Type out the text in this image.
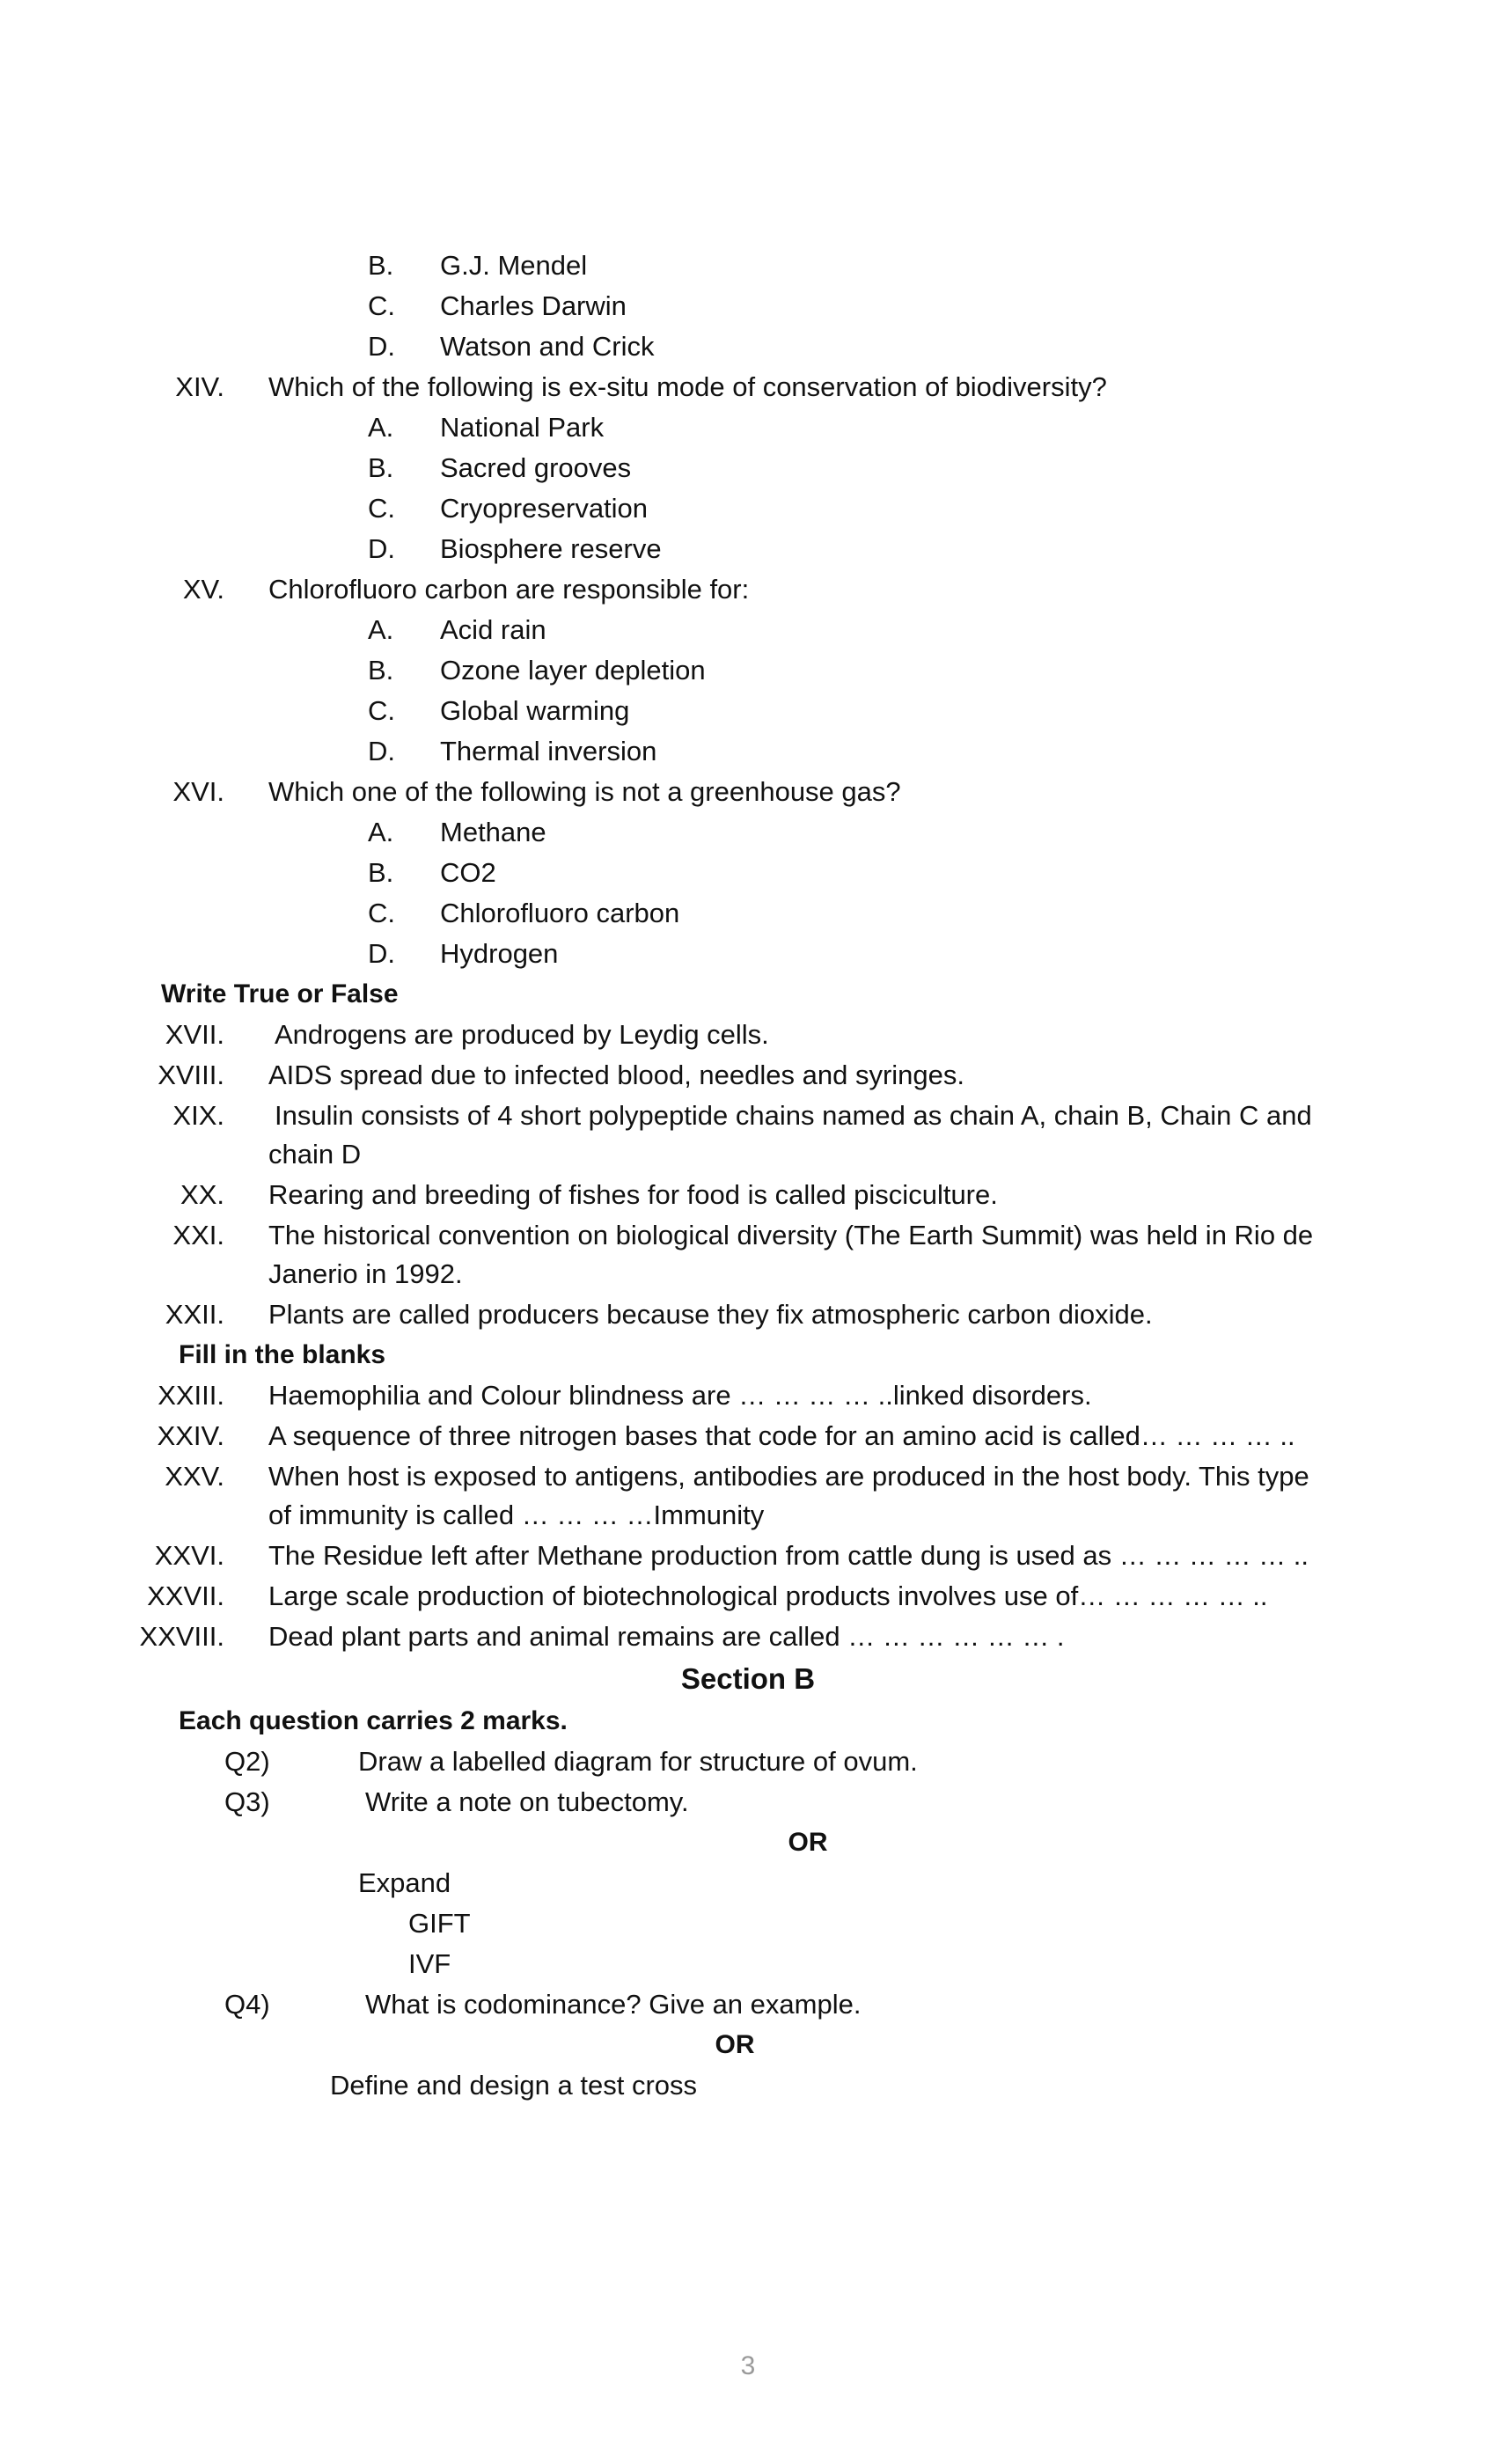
B.	G.J. Mendel
C. Charles Darwin
D. Watson and Crick
XIV. Which of the following is ex-situ mode of conservation of biodiversity?
A.	National Park
B.	Sacred grooves
C. Cryopreservation
D. Biosphere reserve
XV. Chlorofluoro carbon are responsible for:
A.	Acid rain
B.	Ozone layer depletion
C. Global warming
D. Thermal inversion
XVI. Which one of the following is not a greenhouse gas?
A.	Methane
B.	CO2
C. Chlorofluoro carbon
D. Hydrogen
Write True or False
XVII. Androgens are produced by Leydig cells.
XVIII. AIDS spread due to infected blood, needles and syringes.
XIX. Insulin consists of 4 short polypeptide chains named as chain A, chain B, Chain C and
chain D
XX. Rearing and breeding of fishes for food is called pisciculture.
XXI. The historical convention on biological diversity (The Earth Summit) was held in Rio de
Janerio in 1992.
XXII. Plants are called producers because they fix atmospheric carbon dioxide.
Fill in the blanks
XXIII. Haemophilia and Colour blindness are … … … … ..linked disorders.
XXIV. A sequence of three nitrogen bases that code for an amino acid is called… … … … ..
XXV. When host is exposed to antigens, antibodies are produced in the host body. This type
of immunity is called … … … …Immunity
XXVI. The Residue left after Methane production from cattle dung is used as … … … … … ..
XXVII. Large scale production of biotechnological products involves use of… … … … … ..
XXVIII. Dead plant parts and animal remains are called … … … … … … .
Section B
Each question carries 2 marks.
Q2)	Draw a labelled diagram for structure of ovum.
Q3)	Write a note on tubectomy.
OR
Expand
GIFT
IVF
Q4)	What is codominance? Give an example.
OR
Define and design a test cross
3
